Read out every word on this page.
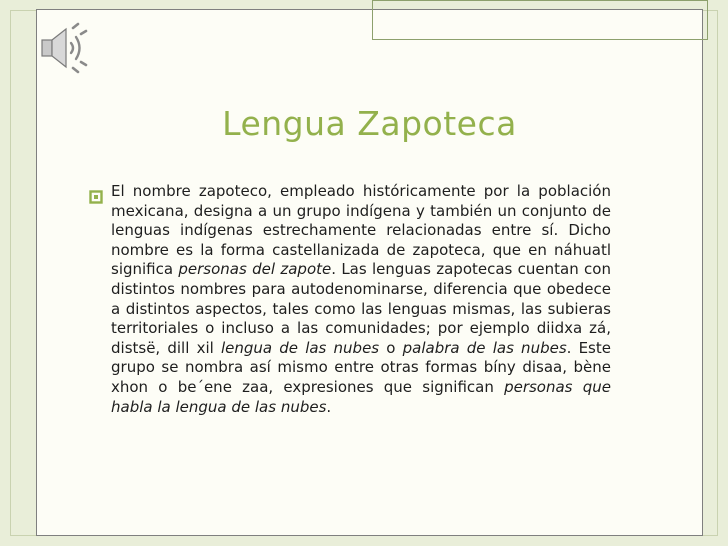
Lengua Zapoteca
El nombre zapoteco, empleado históricamente por la población mexicana, designa a un grupo indígena y también un conjunto de lenguas indígenas estrechamente relacionadas entre sí. Dicho nombre es la forma castellanizada de zapoteca, que en náhuatl significa personas del zapote. Las lenguas zapotecas cuentan con distintos nombres para autodenominarse, diferencia que obedece a distintos aspectos, tales como las lenguas mismas, las subieras territoriales o incluso a las comunidades; por ejemplo diidxa zá, distsë, dill xil lengua de las nubes o palabra de las nubes. Este grupo se nombra así mismo entre otras formas bíny disaa, bène xhon o be´ene zaa, expresiones que significan personas que habla la lengua de las nubes.
